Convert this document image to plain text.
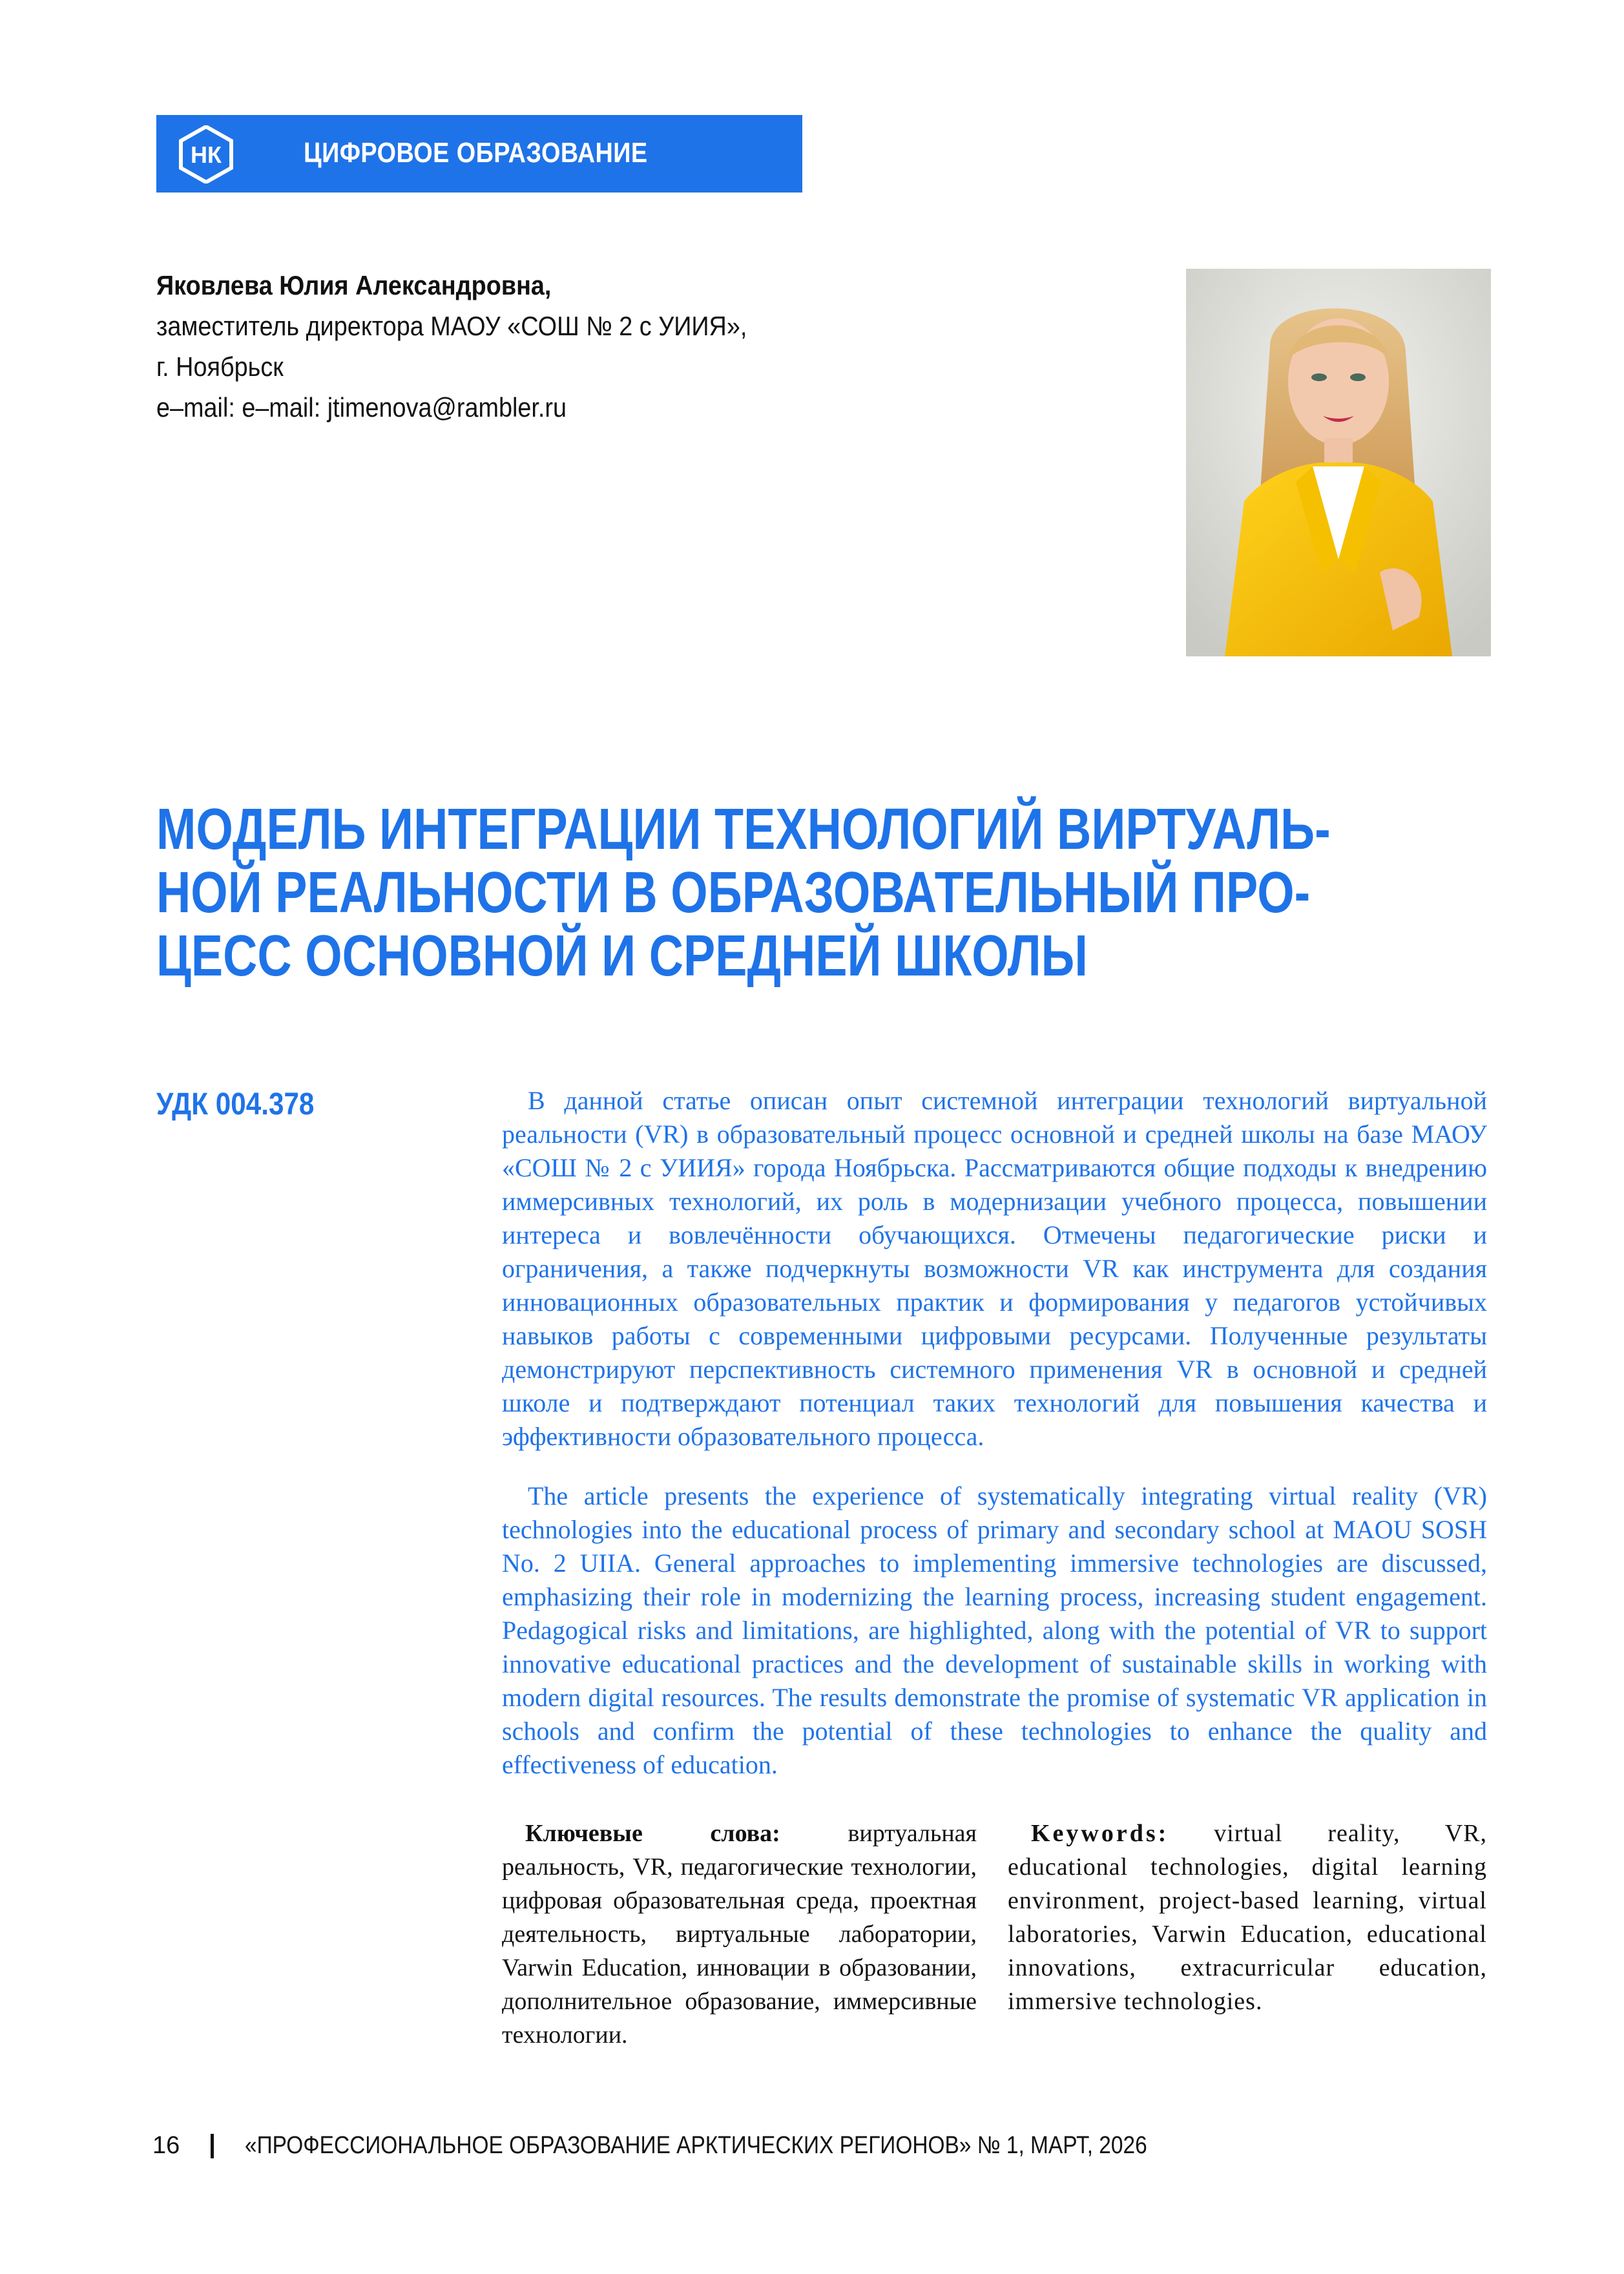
НК	ЦИФРОВОЕ ОБРАЗОВАНИЕ
Яковлева Юлия Александровна,
заместитель директора МАОУ «СОШ № 2 с УИИЯ»,
г. Ноябрьск
e–mail: e–mail: jtimenova@rambler.ru
МОДЕЛЬ ИНТЕГРАЦИИ ТЕХНОЛОГИЙ ВИРТУАЛЬ-
НОЙ РЕАЛЬНОСТИ В ОБРАЗОВАТЕЛЬНЫЙ ПРО-
ЦЕСС ОСНОВНОЙ И СРЕДНЕЙ ШКОЛЫ
УДК 004.378	В данной статье описан опыт системной интеграции технологий виртуальной реальности (VR) в образовательный процесс основной и средней школы на базе МАОУ «СОШ № 2 с УИИЯ» города Ноябрьска. Рассматриваются общие подходы к внедрению иммерсивных технологий, их роль в модернизации учебного процесса, повышении интереса и вовлечённости обучающихся. Отмечены педагогические риски и ограничения, а также подчеркнуты возможности VR как инструмента для создания инновационных образовательных практик и формирования у педагогов устойчивых навыков работы с современными цифровыми ресурсами. Полученные результаты демонстрируют перспективность системного применения VR в основной и средней школе и подтверждают потенциал таких технологий для повышения качества и эффективности образовательного процесса.

The article presents the experience of systematically integrating virtual reality (VR) technologies into the educational process of primary and secondary school at MAOU SOSH No. 2 UIIA. General approaches to implementing immersive technologies are discussed, emphasizing their role in modernizing the learning process, increasing student engagement. Pedagogical risks and limitations, are highlighted, along with the potential of VR to support innovative educational practices and the development of sustainable skills in working with modern digital resources. The results demonstrate the promise of systematic VR application in schools and confirm the potential of these technologies to enhance the quality and effectiveness of education.

Ключевые слова: виртуальная реальность, VR, педагогические технологии, цифровая образовательная среда, проектная деятельность, виртуальные лаборатории, Varwin Education, инновации в образовании, дополнительное образование, иммерсивные технологии.

Keywords: virtual reality, VR, educational technologies, digital learning environment, project-based learning, virtual laboratories, Varwin Education, educational innovations, extracurricular education, immersive technologies.

16	«ПРОФЕССИОНАЛЬНОЕ ОБРАЗОВАНИЕ АРКТИЧЕСКИХ РЕГИОНОВ» № 1, МАРТ, 2026
